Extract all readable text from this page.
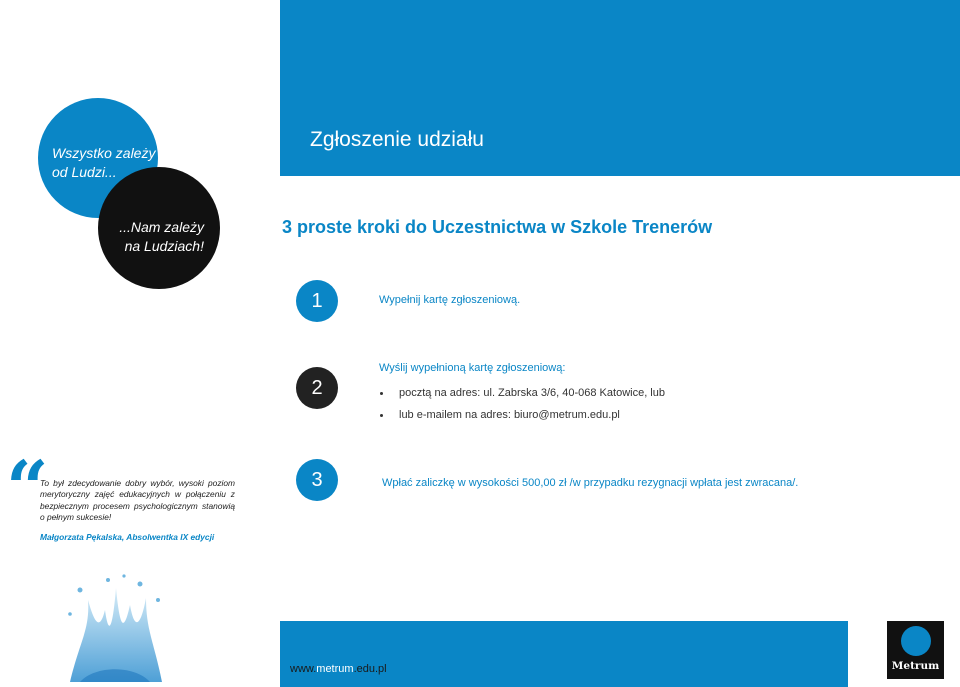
Zgłoszenie udziału
Wszystko zależy od Ludzi...
...Nam zależy na Ludziach!
3 proste kroki do Uczestnictwa w Szkole Trenerów
1	Wypełnij kartę zgłoszeniową.
2
Wyślij wypełnioną kartę zgłoszeniową:
pocztą na adres: ul. Zabrska 3/6, 40-068 Katowice, lub
lub e-mailem na adres: biuro@metrum.edu.pl
3	Wpłać zaliczkę w wysokości 500,00 zł /w przypadku rezygnacji wpłata jest zwracana/.
“

To był zdecydowanie dobry wybór, wysoki poziom merytoryczny zajęć edukacyjnych w połączeniu z bezpiecznym procesem psychologicznym stanowią o pełnym sukcesie!

Małgorzata Pękalska, Absolwentka IX edycji

www.metrum.edu.pl	Metrum
